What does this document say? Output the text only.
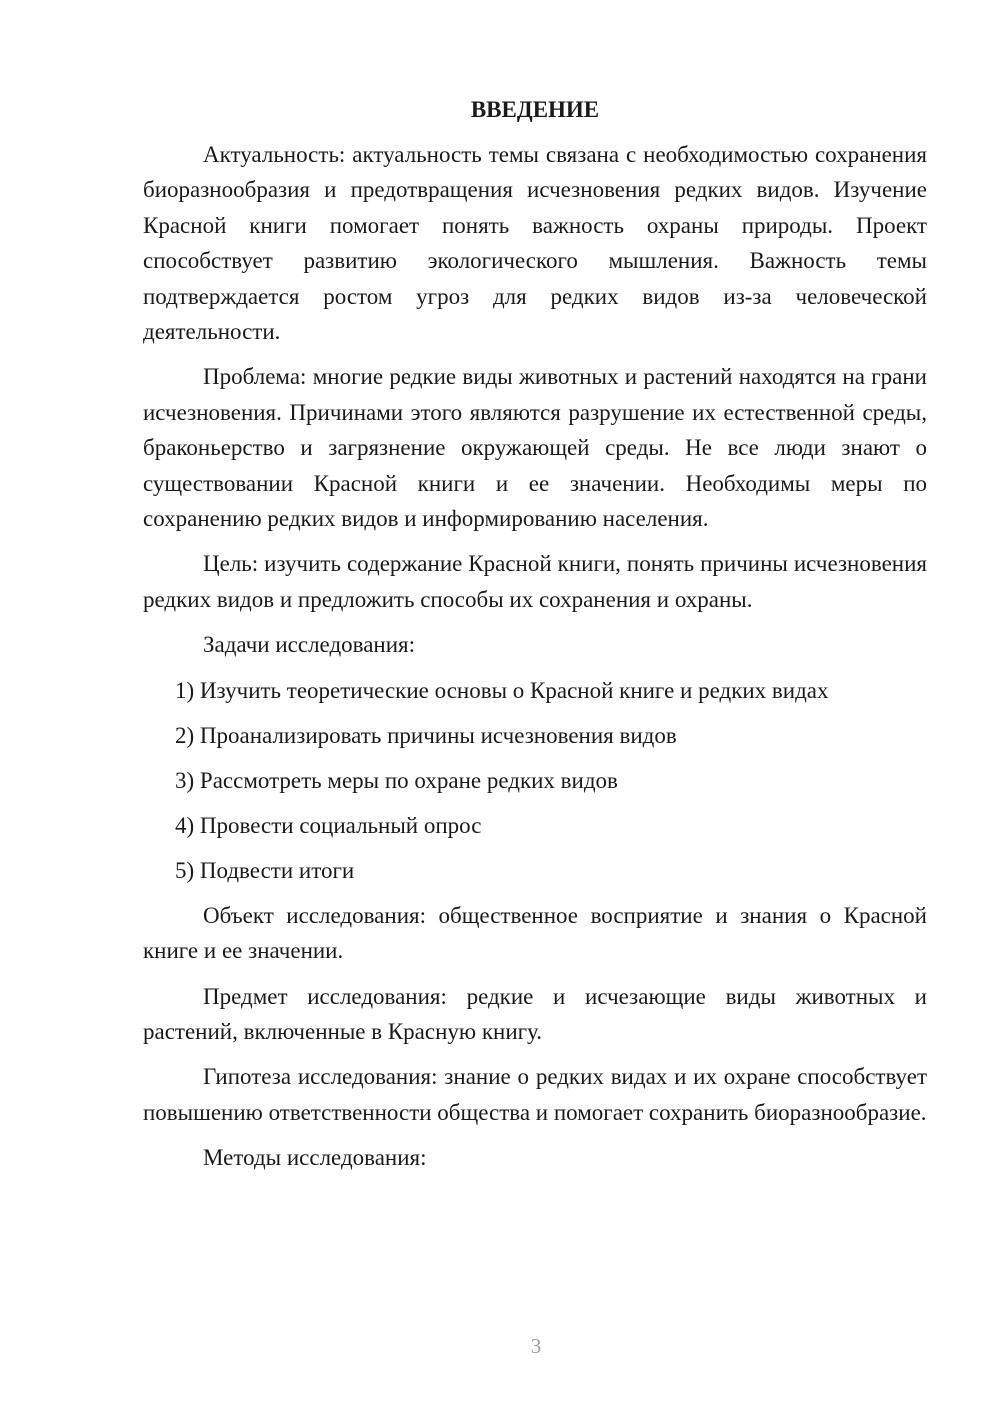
ВВЕДЕНИЕ

Актуальность: актуальность темы связана с необходимостью сохранения биоразнообразия и предотвращения исчезновения редких видов. Изучение Красной книги помогает понять важность охраны природы. Проект способствует развитию экологического мышления. Важность темы подтверждается ростом угроз для редких видов из-за человеческой деятельности.

Проблема: многие редкие виды животных и растений находятся на грани исчезновения. Причинами этого являются разрушение их естественной среды, браконьерство и загрязнение окружающей среды. Не все люди знают о существовании Красной книги и ее значении. Необходимы меры по сохранению редких видов и информированию населения.

Цель: изучить содержание Красной книги, понять причины исчезновения редких видов и предложить способы их сохранения и охраны.

Задачи исследования:

1) Изучить теоретические основы о Красной книге и редких видах
2) Проанализировать причины исчезновения видов
3) Рассмотреть меры по охране редких видов
4) Провести социальный опрос
5) Подвести итоги

Объект исследования: общественное восприятие и знания о Красной книге и ее значении.

Предмет исследования: редкие и исчезающие виды животных и растений, включенные в Красную книгу.

Гипотеза исследования: знание о редких видах и их охране способствует повышению ответственности общества и помогает сохранить биоразнообразие.

Методы исследования:

3
